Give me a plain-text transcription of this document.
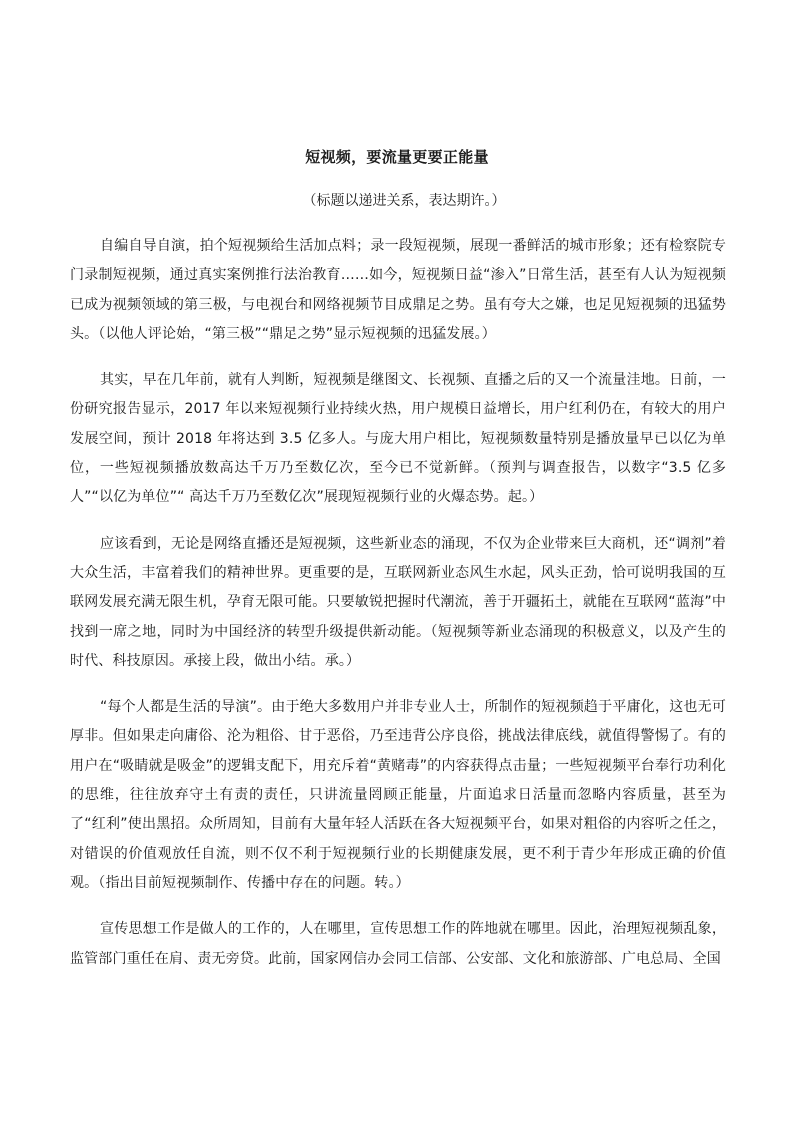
短视频，要流量更要正能量
（标题以递进关系，表达期许。）

自编自导自演，拍个短视频给生活加点料；录一段短视频，展现一番鲜活的城市形象；还有检察院专门录制短视频，通过真实案例推行法治教育……如今，短视频日益“渗入”日常生活，甚至有人认为短视频已成为视频领域的第三极，与电视台和网络视频节目成鼎足之势。虽有夸大之嫌，也足见短视频的迅猛势头。（以他人评论始，“第三极”“鼎足之势”显示短视频的迅猛发展。）

其实，早在几年前，就有人判断，短视频是继图文、长视频、直播之后的又一个流量洼地。日前，一份研究报告显示，2017 年以来短视频行业持续火热，用户规模日益增长，用户红利仍在，有较大的用户发展空间，预计 2018 年将达到 3.5 亿多人。与庞大用户相比，短视频数量特别是播放量早已以亿为单位，一些短视频播放数高达千万乃至数亿次，至今已不觉新鲜。（预判与调查报告，以数字“3.5 亿多人”“以亿为单位”“ 高达千万乃至数亿次”展现短视频行业的火爆态势。起。）

应该看到，无论是网络直播还是短视频，这些新业态的涌现，不仅为企业带来巨大商机，还“调剂”着大众生活，丰富着我们的精神世界。更重要的是，互联网新业态风生水起，风头正劲，恰可说明我国的互联网发展充满无限生机，孕育无限可能。只要敏锐把握时代潮流，善于开疆拓土，就能在互联网“蓝海”中找到一席之地，同时为中国经济的转型升级提供新动能。（短视频等新业态涌现的积极意义，以及产生的时代、科技原因。承接上段，做出小结。承。）

“每个人都是生活的导演”。由于绝大多数用户并非专业人士，所制作的短视频趋于平庸化，这也无可厚非。但如果走向庸俗、沦为粗俗、甘于恶俗，乃至违背公序良俗，挑战法律底线，就值得警惕了。有的用户在“吸睛就是吸金”的逻辑支配下，用充斥着“黄赌毒”的内容获得点击量；一些短视频平台奉行功利化的思维，往往放弃守土有责的责任，只讲流量罔顾正能量，片面追求日活量而忽略内容质量，甚至为了“红利”使出黑招。众所周知，目前有大量年轻人活跃在各大短视频平台，如果对粗俗的内容听之任之，对错误的价值观放任自流，则不仅不利于短视频行业的长期健康发展，更不利于青少年形成正确的价值观。（指出目前短视频制作、传播中存在的问题。转。）

宣传思想工作是做人的工作的，人在哪里，宣传思想工作的阵地就在哪里。因此，治理短视频乱象，监管部门重任在肩、责无旁贷。此前，国家网信办会同工信部、公安部、文化和旅游部、广电总局、全国
